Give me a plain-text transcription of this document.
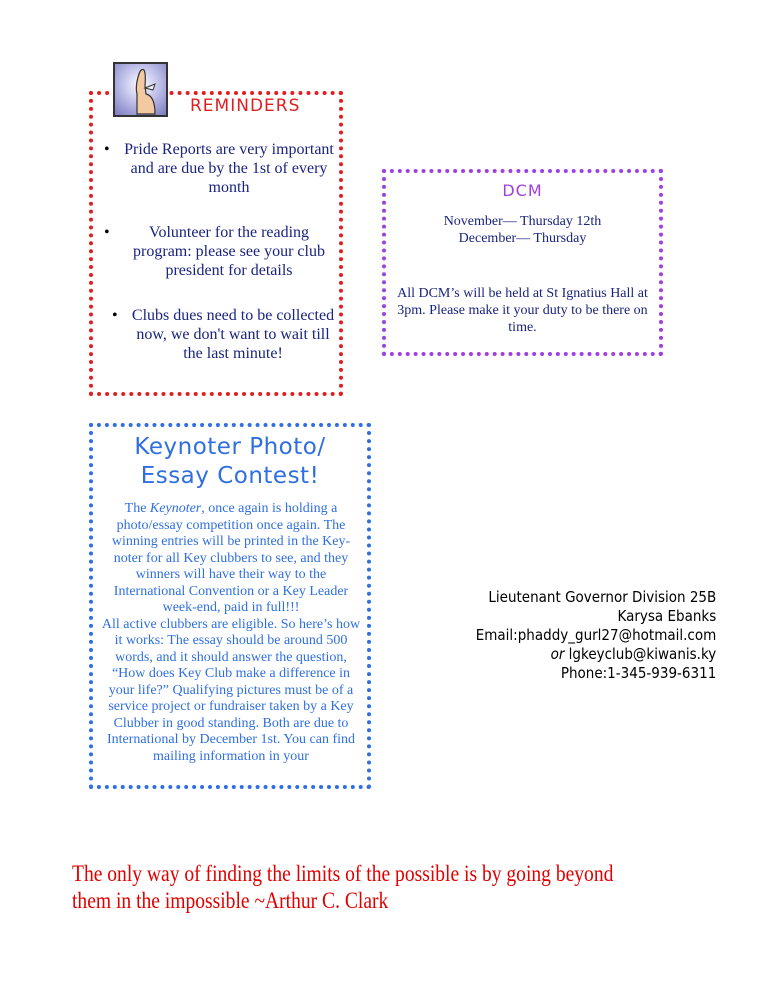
REMINDERS
• Pride Reports are very important and are due by the 1st of every month
• Volunteer for the reading program: please see your club president for details
• Clubs dues need to be collected now, we don't want to wait till the last minute!
DCM
November— Thursday 12th
December— Thursday
All DCM’s will be held at St Ignatius Hall at 3pm. Please make it your duty to be there on time.
Keynoter Photo/
Essay Contest!
The Keynoter, once again is holding a photo/essay competition once again. The winning entries will be printed in the Key-noter for all Key clubbers to see, and they winners will have their way to the International Convention or a Key Leader week-end, paid in full!!!
All active clubbers are eligible. So here’s how it works: The essay should be around 500 words, and it should answer the question, “How does Key Club make a difference in your life?” Qualifying pictures must be of a service project or fundraiser taken by a Key Clubber in good standing. Both are due to International by December 1st. You can find mailing information in your
Lieutenant Governor Division 25B
Karysa Ebanks
Email:phaddy_gurl27@hotmail.com
or lgkeyclub@kiwanis.ky
Phone:1-345-939-6311
The only way of finding the limits of the possible is by going beyond
them in the impossible ~Arthur C. Clark
